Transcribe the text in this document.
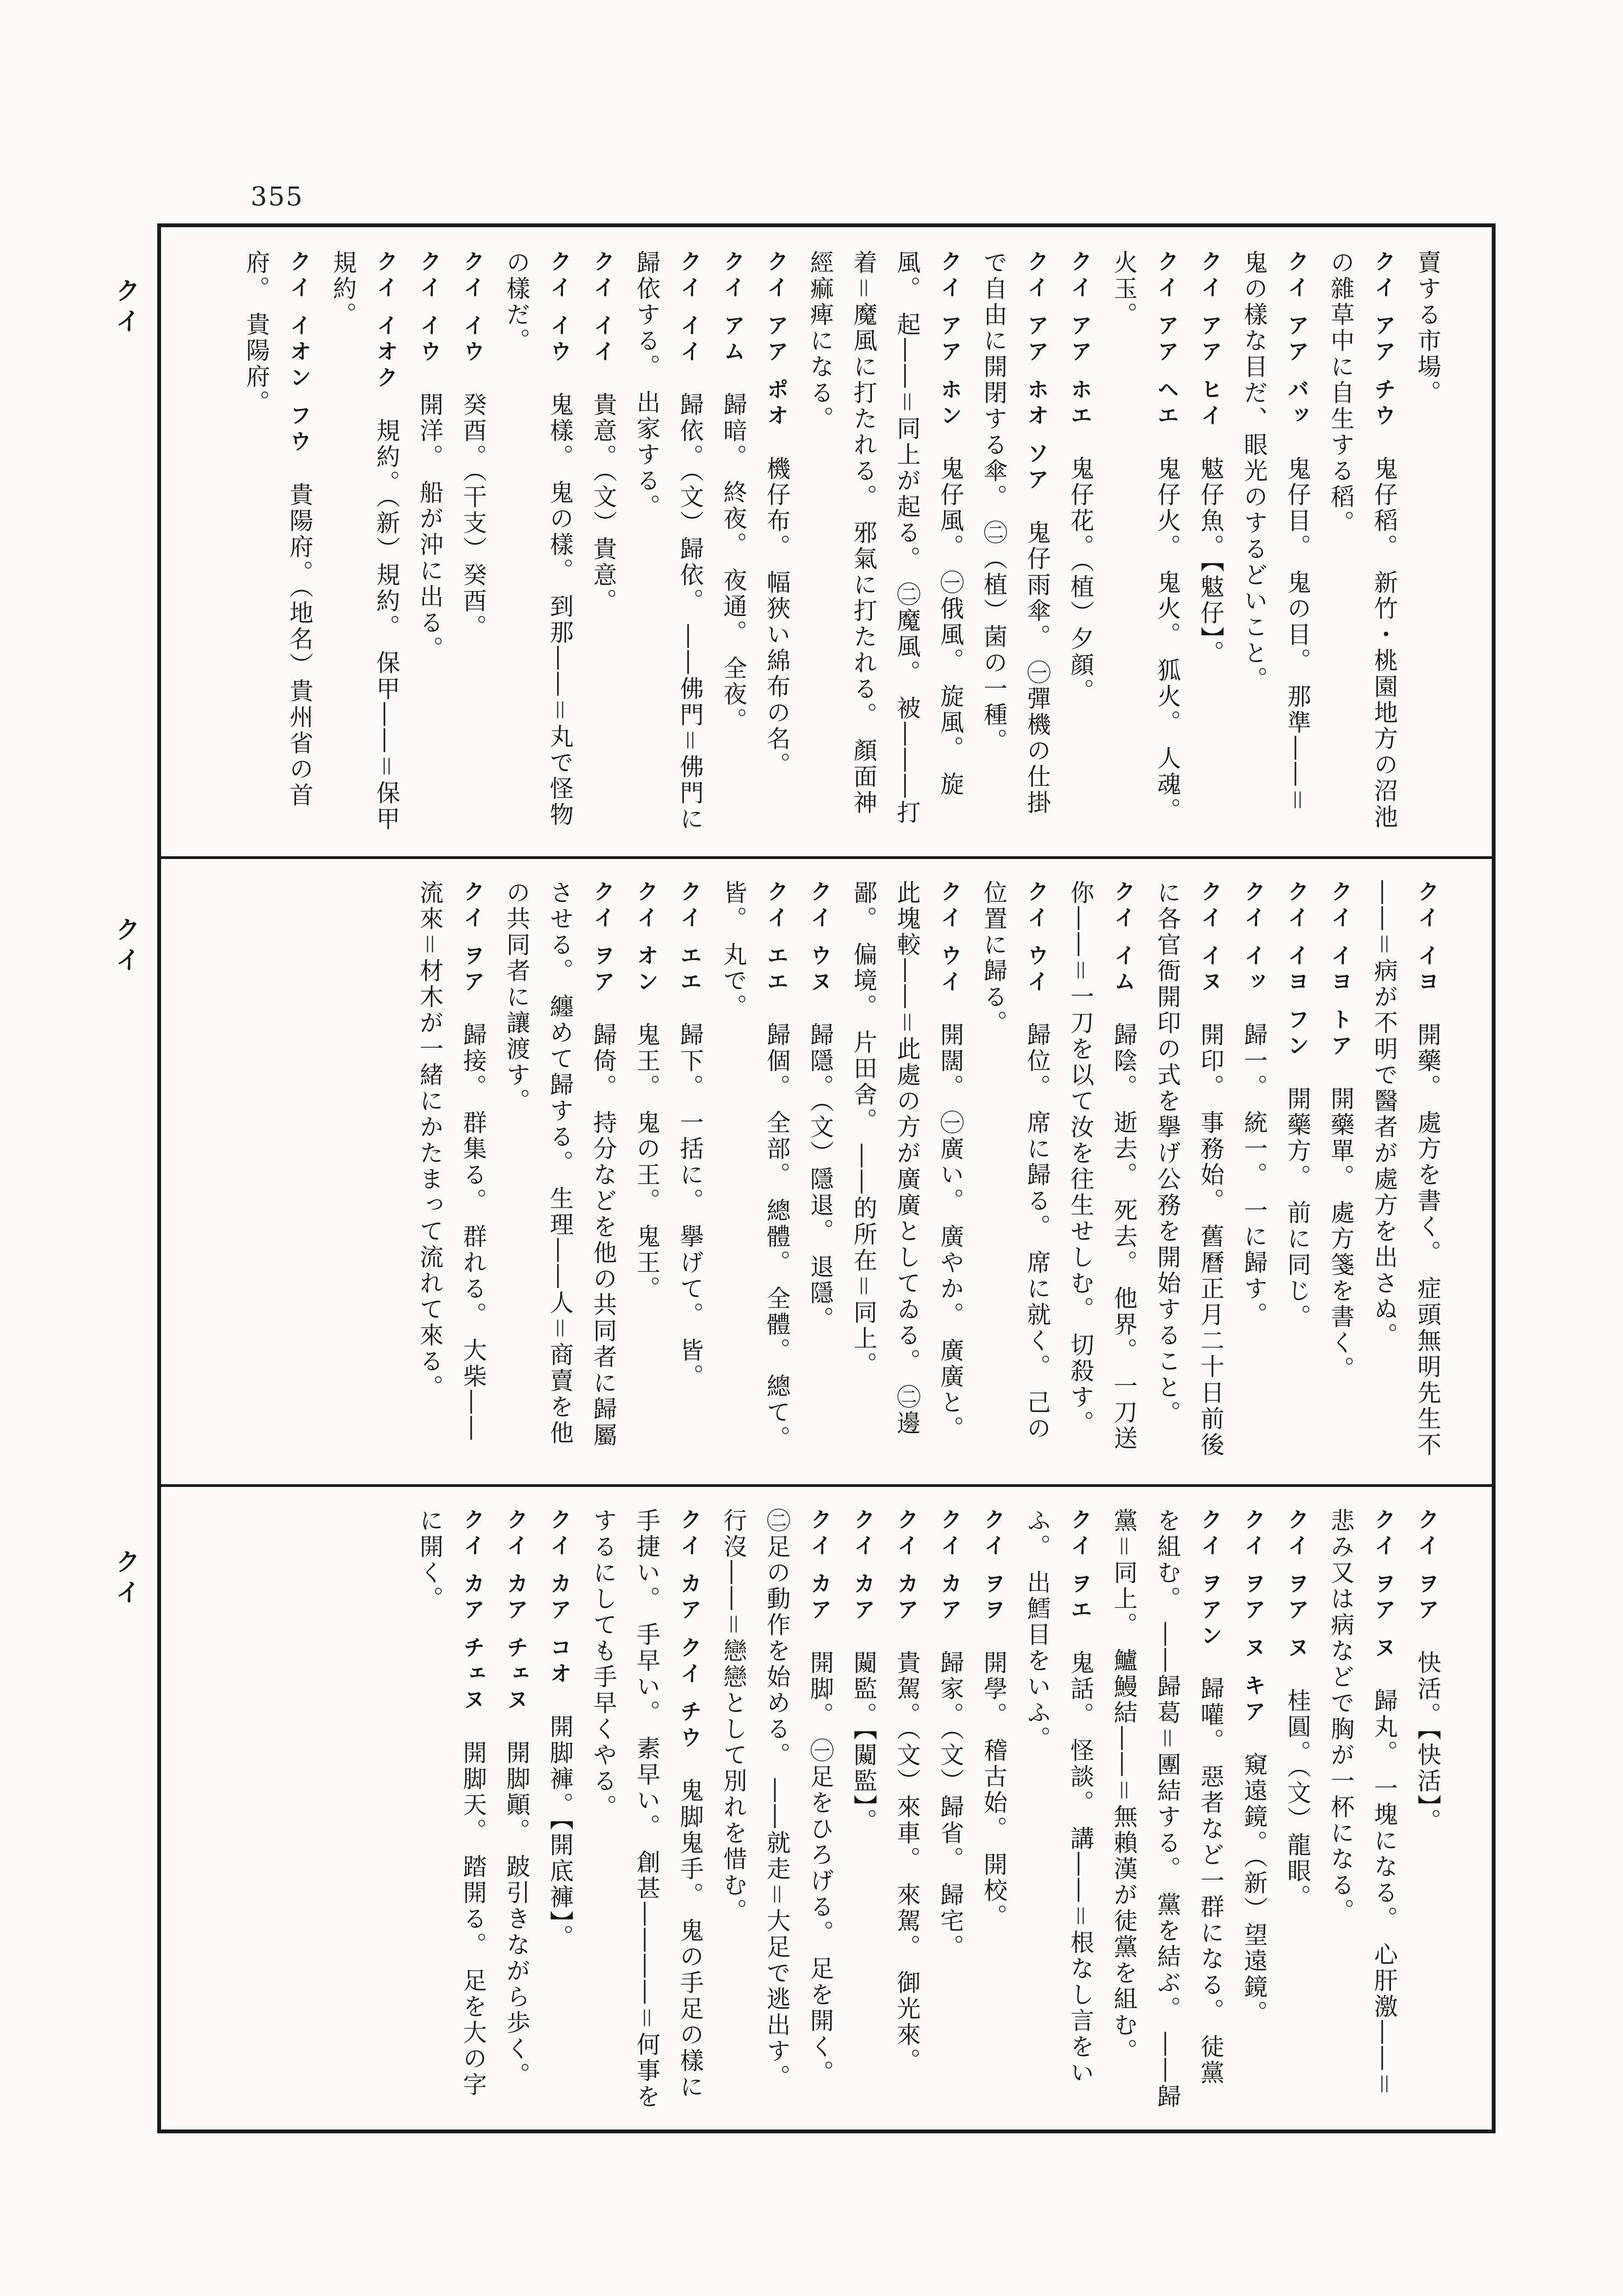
355
クイ
クイ
クイ
賣する市場。
クイ アア チウ　鬼仔稻。 新竹・桃園地方の沼池の雜草中に自生する稻。
クイ アア バッ　鬼仔目。 鬼の目。 那準――＝鬼の樣な目だ、眼光のするどいこと。
クイ アア ヒイ　鬾仔魚。【鬾仔】。
クイ アア ヘエ　鬼仔火。 鬼火。 狐火。 人魂。 火玉。
クイ アア ホエ　鬼仔花。（植）夕顔。
クイ アア ホオ ソア　鬼仔雨傘。 ㊀彈機の仕掛で自由に開閉する傘。 ㊁（植）菌の一種。
クイ アア ホン　鬼仔風。 ㊀俄風。 旋風。 旋風。 起――＝同上が起る。 ㊁魔風。 被―――打着＝魔風に打たれる。 邪氣に打たれる。 顏面神經痲痺になる。
クイ アア ポオ　機仔布。 幅狹い綿布の名。
クイ アム　歸暗。 終夜。 夜通。 全夜。
クイ イイ　歸依。（文）歸依。 ――佛門＝佛門に歸依する。 出家する。
クイ イイ　貴意。（文）貴意。
クイ イウ　鬼樣。 鬼の樣。 到那――＝丸で怪物の樣だ。
クイ イウ　癸酉。（干支）癸酉。
クイ イウ　開洋。 船が沖に出る。
クイ イオク　規約。（新）規約。 保甲――＝保甲規約。
クイ イオン フウ　貴陽府。（地名）貴州省の首府。 貴陽府。
クイ イヨ　開藥。 處方を書く。 症頭無明先生不――＝病が不明で醫者が處方を出さぬ。
クイ イヨ トア　開藥單。 處方箋を書く。
クイ イヨ フン　開藥方。 前に同じ。
クイ イッ　歸一。 統一。 一に歸す。
クイ イヌ　開印。 事務始。 舊曆正月二十日前後に各官衙開印の式を擧げ公務を開始すること。
クイ イム　歸陰。 逝去。 死去。 他界。 一刀送你――＝一刀を以て汝を往生せしむ。 切殺す。
クイ ウイ　歸位。 席に歸る。 席に就く。 己の位置に歸る。
クイ ウイ　開闊。 ㊀廣い。 廣やか。 廣廣と。 此塊較――＝此處の方が廣廣としてゐる。 ㊁邊鄙。 偏境。 片田舍。 ――的所在＝同上。
クイ ウヌ　歸隱。（文）隱退。 退隱。
クイ エエ　歸個。 全部。 總體。 全體。 總て。 皆。 丸で。
クイ エエ　歸下。 一括に。 擧げて。 皆。
クイ オン　鬼王。 鬼の王。 鬼王。
クイ ヲア　歸倚。 持分などを他の共同者に歸屬させる。 纏めて歸する。 生理――人＝商賣を他の共同者に讓渡す。
クイ ヲア　歸接。 群集る。 群れる。 大柴――流來＝材木が一緒にかたまって流れて來る。
クイ ヲア　快活。【快活】。
クイ ヲア ヌ　歸丸。 一塊になる。 心肝激――＝悲み又は病などで胸が一杯になる。
クイ ヲア ヌ　桂圓。（文）龍眼。
クイ ヲア ヌ キア　窺遠鏡。（新）望遠鏡。
クイ ヲアン　歸嚾。 惡者など一群になる。 徒黨を組む。 ――歸葛＝團結する。 黨を結ぶ。 ――歸黨＝同上。 鱸鰻結――＝無賴漢が徒黨を組む。
クイ ヲエ　鬼話。 怪談。 講――＝根なし言をいふ。 出鱈目をいふ。
クイ ヲヲ　開學。 稽古始。 開校。
クイ カア　歸家。（文）歸省。 歸宅。
クイ カア　貴駕。（文）來車。 來駕。 御光來。
クイ カア　闚監。【闚監】。
クイ カア　開脚。 ㊀足をひろげる。 足を開く。 ㊁足の動作を始める。 ――就走＝大足で逃出す。 行沒――＝戀戀として別れを惜む。
クイ カア クイ チウ　鬼脚鬼手。 鬼の手足の樣に手捷い。 手早い。 素早い。 創甚――――＝何事をするにしても手早くやる。
クイ カア コオ　開脚褲。【開底褲】。
クイ カア チェヌ　開脚顚。 跛引きながら歩く。
クイ カア チェヌ　開脚天。 踏開る。 足を大の字に開く。
